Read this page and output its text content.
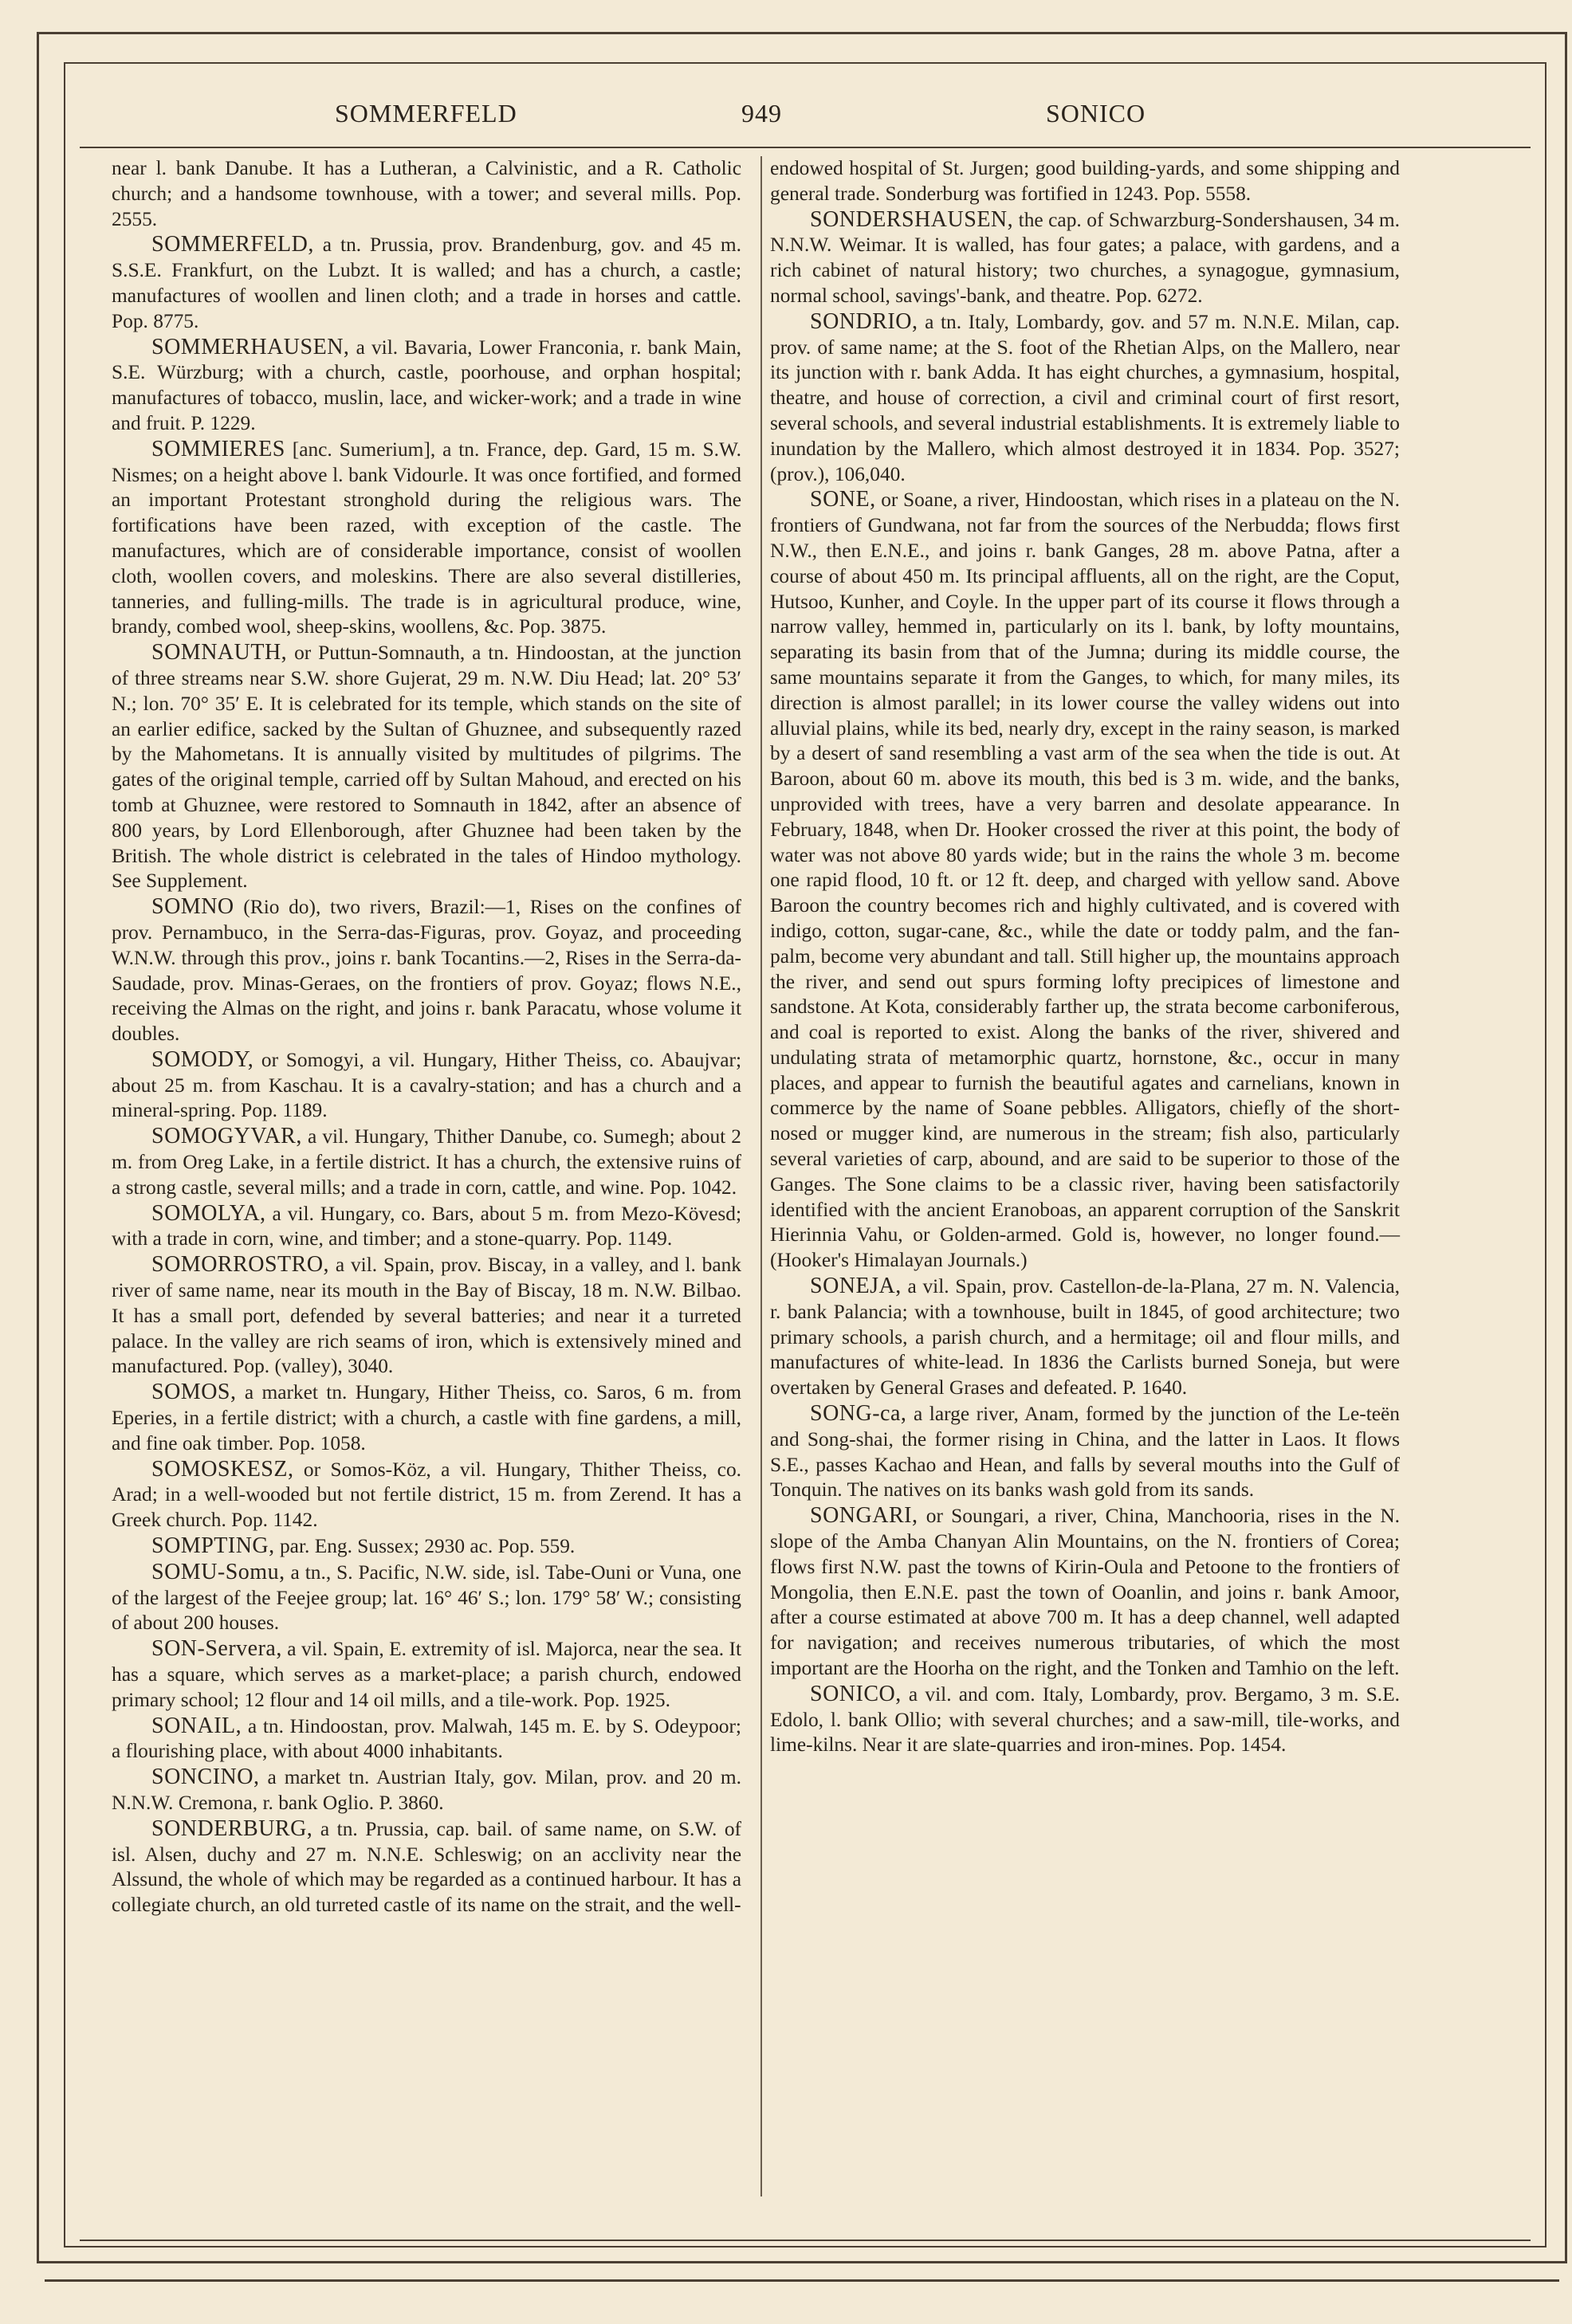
SOMMERFELD	949	SONICO

near l. bank Danube. It has a Lutheran, a Calvinistic, and a R. Catholic church; and a handsome townhouse, with a tower; and several mills. Pop. 2555.

SOMMERFELD, a tn. Prussia, prov. Brandenburg, gov. and 45 m. S.S.E. Frankfurt, on the Lubzt. It is walled; and has a church, a castle; manufactures of woollen and linen cloth; and a trade in horses and cattle. Pop. 8775.

SOMMERHAUSEN, a vil. Bavaria, Lower Franconia, r. bank Main, S.E. Würzburg; with a church, castle, poorhouse, and orphan hospital; manufactures of tobacco, muslin, lace, and wicker-work; and a trade in wine and fruit. P. 1229.

SOMMIERES [anc. Sumerium], a tn. France, dep. Gard, 15 m. S.W. Nismes; on a height above l. bank Vidourle. It was once fortified, and formed an important Protestant stronghold during the religious wars. The fortifications have been razed, with exception of the castle. The manufactures, which are of considerable importance, consist of woollen cloth, woollen covers, and moleskins. There are also several distilleries, tanneries, and fulling-mills. The trade is in agricultural produce, wine, brandy, combed wool, sheep-skins, woollens, &c. Pop. 3875.

SOMNAUTH, or Puttun-Somnauth, a tn. Hindoostan, at the junction of three streams near S.W. shore Gujerat, 29 m. N.W. Diu Head; lat. 20° 53′ N.; lon. 70° 35′ E. It is celebrated for its temple, which stands on the site of an earlier edifice, sacked by the Sultan of Ghuznee, and subsequently razed by the Mahometans. It is annually visited by multitudes of pilgrims. The gates of the original temple, carried off by Sultan Mahoud, and erected on his tomb at Ghuznee, were restored to Somnauth in 1842, after an absence of 800 years, by Lord Ellenborough, after Ghuznee had been taken by the British. The whole district is celebrated in the tales of Hindoo mythology. See Supplement.

SOMNO (Rio do), two rivers, Brazil:—1, Rises on the confines of prov. Pernambuco, in the Serra-das-Figuras, prov. Goyaz, and proceeding W.N.W. through this prov., joins r. bank Tocantins.—2, Rises in the Serra-da-Saudade, prov. Minas-Geraes, on the frontiers of prov. Goyaz; flows N.E., receiving the Almas on the right, and joins r. bank Paracatu, whose volume it doubles.

SOMODY, or Somogyi, a vil. Hungary, Hither Theiss, co. Abaujvar; about 25 m. from Kaschau. It is a cavalry-station; and has a church and a mineral-spring. Pop. 1189.

SOMOGYVAR, a vil. Hungary, Thither Danube, co. Sumegh; about 2 m. from Oreg Lake, in a fertile district. It has a church, the extensive ruins of a strong castle, several mills; and a trade in corn, cattle, and wine. Pop. 1042.

SOMOLYA, a vil. Hungary, co. Bars, about 5 m. from Mezo-Kövesd; with a trade in corn, wine, and timber; and a stone-quarry. Pop. 1149.

SOMORROSTRO, a vil. Spain, prov. Biscay, in a valley, and l. bank river of same name, near its mouth in the Bay of Biscay, 18 m. N.W. Bilbao. It has a small port, defended by several batteries; and near it a turreted palace. In the valley are rich seams of iron, which is extensively mined and manufactured. Pop. (valley), 3040.

SOMOS, a market tn. Hungary, Hither Theiss, co. Saros, 6 m. from Eperies, in a fertile district; with a church, a castle with fine gardens, a mill, and fine oak timber. Pop. 1058.

SOMOSKESZ, or Somos-Köz, a vil. Hungary, Thither Theiss, co. Arad; in a well-wooded but not fertile district, 15 m. from Zerend. It has a Greek church. Pop. 1142.

SOMPTING, par. Eng. Sussex; 2930 ac. Pop. 559.

SOMU-Somu, a tn., S. Pacific, N.W. side, isl. Tabe-Ouni or Vuna, one of the largest of the Feejee group; lat. 16° 46′ S.; lon. 179° 58′ W.; consisting of about 200 houses.

SON-Servera, a vil. Spain, E. extremity of isl. Majorca, near the sea. It has a square, which serves as a market-place; a parish church, endowed primary school; 12 flour and 14 oil mills, and a tile-work. Pop. 1925.

SONAIL, a tn. Hindoostan, prov. Malwah, 145 m. E. by S. Odeypoor; a flourishing place, with about 4000 inhabitants.

SONCINO, a market tn. Austrian Italy, gov. Milan, prov. and 20 m. N.N.W. Cremona, r. bank Oglio. P. 3860.

SONDERBURG, a tn. Prussia, cap. bail. of same name, on S.W. of isl. Alsen, duchy and 27 m. N.N.E. Schleswig; on an acclivity near the Alssund, the whole of which may be regarded as a continued harbour. It has a collegiate church, an old turreted castle of its name on the strait, and the well-

endowed hospital of St. Jurgen; good building-yards, and some shipping and general trade. Sonderburg was fortified in 1243. Pop. 5558.

SONDERSHAUSEN, the cap. of Schwarzburg-Sondershausen, 34 m. N.N.W. Weimar. It is walled, has four gates; a palace, with gardens, and a rich cabinet of natural history; two churches, a synagogue, gymnasium, normal school, savings'-bank, and theatre. Pop. 6272.

SONDRIO, a tn. Italy, Lombardy, gov. and 57 m. N.N.E. Milan, cap. prov. of same name; at the S. foot of the Rhetian Alps, on the Mallero, near its junction with r. bank Adda. It has eight churches, a gymnasium, hospital, theatre, and house of correction, a civil and criminal court of first resort, several schools, and several industrial establishments. It is extremely liable to inundation by the Mallero, which almost destroyed it in 1834. Pop. 3527; (prov.), 106,040.

SONE, or Soane, a river, Hindoostan, which rises in a plateau on the N. frontiers of Gundwana, not far from the sources of the Nerbudda; flows first N.W., then E.N.E., and joins r. bank Ganges, 28 m. above Patna, after a course of about 450 m. Its principal affluents, all on the right, are the Coput, Hutsoo, Kunher, and Coyle. In the upper part of its course it flows through a narrow valley, hemmed in, particularly on its l. bank, by lofty mountains, separating its basin from that of the Jumna; during its middle course, the same mountains separate it from the Ganges, to which, for many miles, its direction is almost parallel; in its lower course the valley widens out into alluvial plains, while its bed, nearly dry, except in the rainy season, is marked by a desert of sand resembling a vast arm of the sea when the tide is out. At Baroon, about 60 m. above its mouth, this bed is 3 m. wide, and the banks, unprovided with trees, have a very barren and desolate appearance. In February, 1848, when Dr. Hooker crossed the river at this point, the body of water was not above 80 yards wide; but in the rains the whole 3 m. become one rapid flood, 10 ft. or 12 ft. deep, and charged with yellow sand. Above Baroon the country becomes rich and highly cultivated, and is covered with indigo, cotton, sugar-cane, &c., while the date or toddy palm, and the fan-palm, become very abundant and tall. Still higher up, the mountains approach the river, and send out spurs forming lofty precipices of limestone and sandstone. At Kota, considerably farther up, the strata become carboniferous, and coal is reported to exist. Along the banks of the river, shivered and undulating strata of metamorphic quartz, hornstone, &c., occur in many places, and appear to furnish the beautiful agates and carnelians, known in commerce by the name of Soane pebbles. Alligators, chiefly of the short-nosed or mugger kind, are numerous in the stream; fish also, particularly several varieties of carp, abound, and are said to be superior to those of the Ganges. The Sone claims to be a classic river, having been satisfactorily identified with the ancient Eranoboas, an apparent corruption of the Sanskrit Hierinnia Vahu, or Golden-armed. Gold is, however, no longer found.—(Hooker's Himalayan Journals.)

SONEJA, a vil. Spain, prov. Castellon-de-la-Plana, 27 m. N. Valencia, r. bank Palancia; with a townhouse, built in 1845, of good architecture; two primary schools, a parish church, and a hermitage; oil and flour mills, and manufactures of white-lead. In 1836 the Carlists burned Soneja, but were overtaken by General Grases and defeated. P. 1640.

SONG-ca, a large river, Anam, formed by the junction of the Le-teën and Song-shai, the former rising in China, and the latter in Laos. It flows S.E., passes Kachao and Hean, and falls by several mouths into the Gulf of Tonquin. The natives on its banks wash gold from its sands.

SONGARI, or Soungari, a river, China, Manchooria, rises in the N. slope of the Amba Chanyan Alin Mountains, on the N. frontiers of Corea; flows first N.W. past the towns of Kirin-Oula and Petoone to the frontiers of Mongolia, then E.N.E. past the town of Ooanlin, and joins r. bank Amoor, after a course estimated at above 700 m. It has a deep channel, well adapted for navigation; and receives numerous tributaries, of which the most important are the Hoorha on the right, and the Tonken and Tamhio on the left.

SONICO, a vil. and com. Italy, Lombardy, prov. Bergamo, 3 m. S.E. Edolo, l. bank Ollio; with several churches; and a saw-mill, tile-works, and lime-kilns. Near it are slate-quarries and iron-mines. Pop. 1454.
